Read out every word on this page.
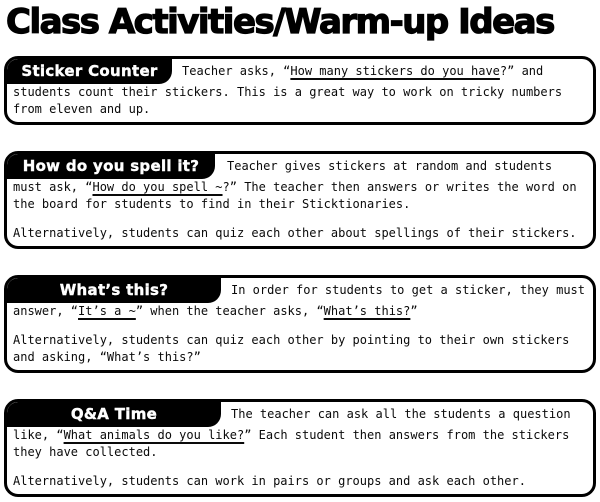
Class Activities/Warm-up Ideas
Sticker Counter	Teacher asks, “How many stickers do you have?” and students count their stickers. This is a great way to work on tricky numbers from eleven and up.

How do you spell it?	Teacher gives stickers at random and students must ask, “How do you spell ~?” The teacher then answers or writes the word on the board for students to find in their Sticktionaries.

Alternatively, students can quiz each other about spellings of their stickers.

What’s this?	In order for students to get a sticker, they must answer, “It’s a ~” when the teacher asks, “What’s this?”

Alternatively, students can quiz each other by pointing to their own stickers and asking, “What’s this?”

Q&A Time	The teacher can ask all the students a question like, “What animals do you like?” Each student then answers from the stickers they have collected.

Alternatively, students can work in pairs or groups and ask each other.
